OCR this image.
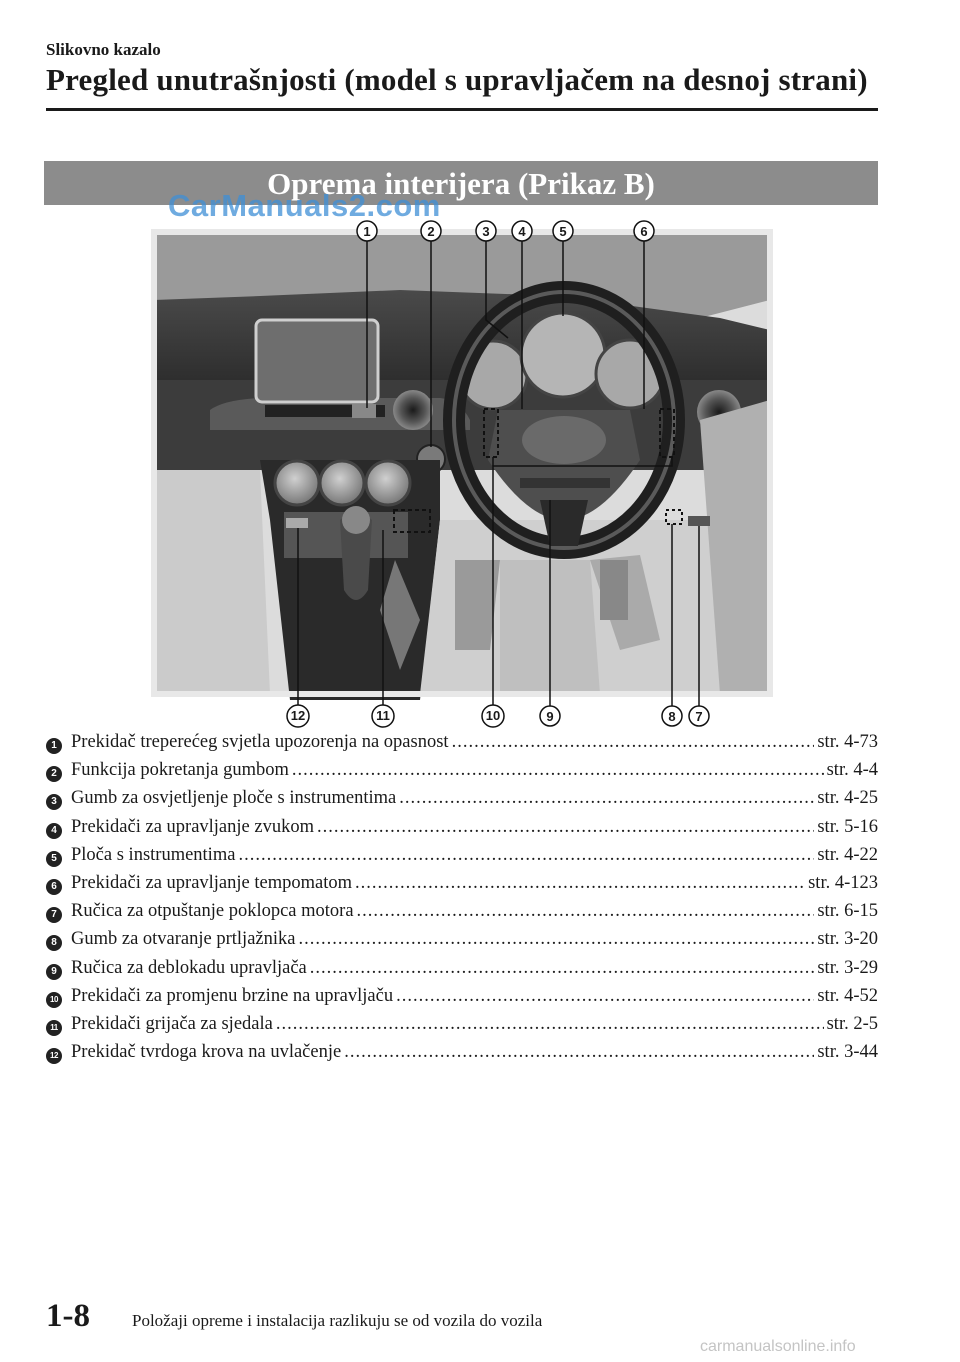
Slikovno kazalo
Pregled unutrašnjosti (model s upravljačem na desnoj strani)
Oprema interijera (Prikaz B)
1	2	3 4	5	6
7
8
9
10
11
12
CarManuals2.com
1 Prekidač treperećeg svjetla upozorenja na opasnost .....	str. 4-73
2 Funkcija pokretanja gumbom .....	str. 4-4
3 Gumb za osvjetljenje ploče s instrumentima .....	str. 4-25
4 Prekidači za upravljanje zvukom .....	str. 5-16
5 Ploča s instrumentima .....	str. 4-22
6 Prekidači za upravljanje tempomatom .....	str. 4-123
7 Ručica za otpuštanje poklopca motora .....	str. 6-15
8 Gumb za otvaranje prtljažnika .....	str. 3-20
9 Ručica za deblokadu upravljača .....	str. 3-29
10 Prekidači za promjenu brzine na upravljaču .....	str. 4-52
11 Prekidači grijača za sjedala .....	str. 2-5
12 Prekidač tvrdoga krova na uvlačenje .....	str. 3-44
1-8 Položaji opreme i instalacija razlikuju se od vozila do vozila
carmanualsonline.info
